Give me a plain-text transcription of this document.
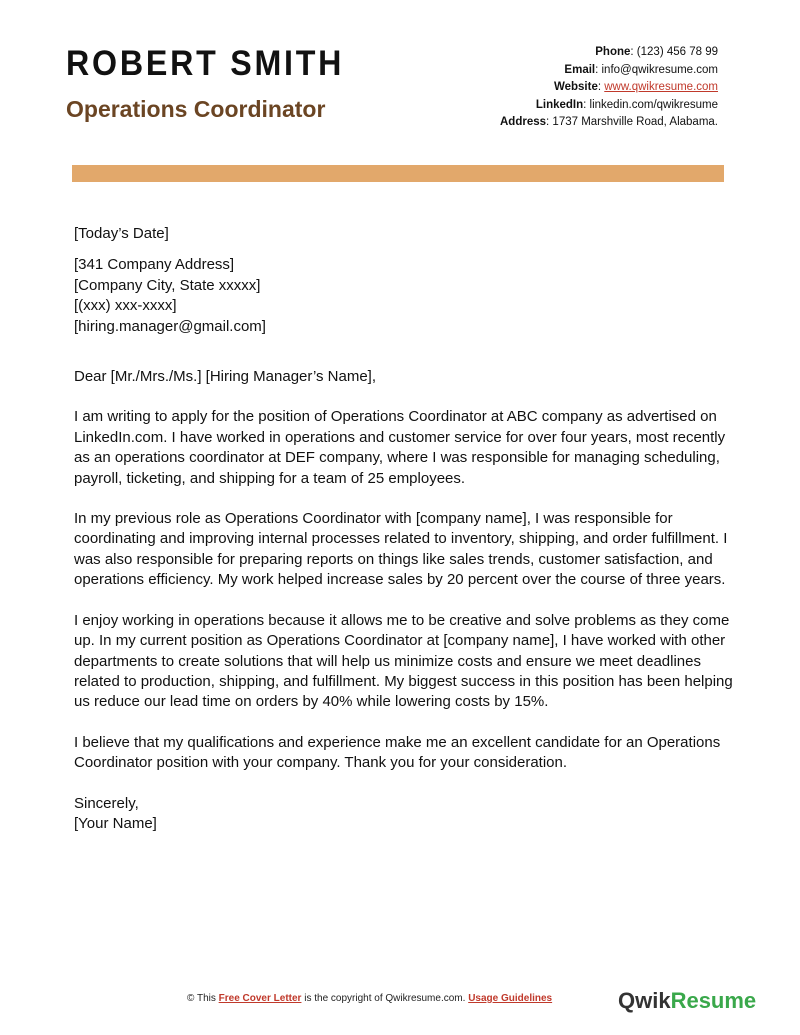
ROBERT SMITH
Operations Coordinator
Phone: (123) 456 78 99
Email: info@qwikresume.com
Website: www.qwikresume.com
LinkedIn: linkedin.com/qwikresume
Address: 1737 Marshville Road, Alabama.

[Today’s Date]

[341 Company Address]

[Company City, State xxxxx]

[(xxx) xxx-xxxx]

[hiring.manager@gmail.com]

Dear [Mr./Mrs./Ms.] [Hiring Manager’s Name],

I am writing to apply for the position of Operations Coordinator at ABC company as advertised on LinkedIn.com. I have worked in operations and customer service for over four years, most recently as an operations coordinator at DEF company, where I was responsible for managing scheduling, payroll, ticketing, and shipping for a team of 25 employees.

In my previous role as Operations Coordinator with [company name], I was responsible for coordinating and improving internal processes related to inventory, shipping, and order fulfillment. I was also responsible for preparing reports on things like sales trends, customer satisfaction, and operations efficiency. My work helped increase sales by 20 percent over the course of three years.

I enjoy working in operations because it allows me to be creative and solve problems as they come up. In my current position as Operations Coordinator at [company name], I have worked with other departments to create solutions that will help us minimize costs and ensure we meet deadlines related to production, shipping, and fulfillment. My biggest success in this position has been helping us reduce our lead time on orders by 40% while lowering costs by 15%.

I believe that my qualifications and experience make me an excellent candidate for an Operations Coordinator position with your company. Thank you for your consideration.

Sincerely,

[Your Name]

© This Free Cover Letter is the copyright of Qwikresume.com. Usage Guidelines	QwikResume
